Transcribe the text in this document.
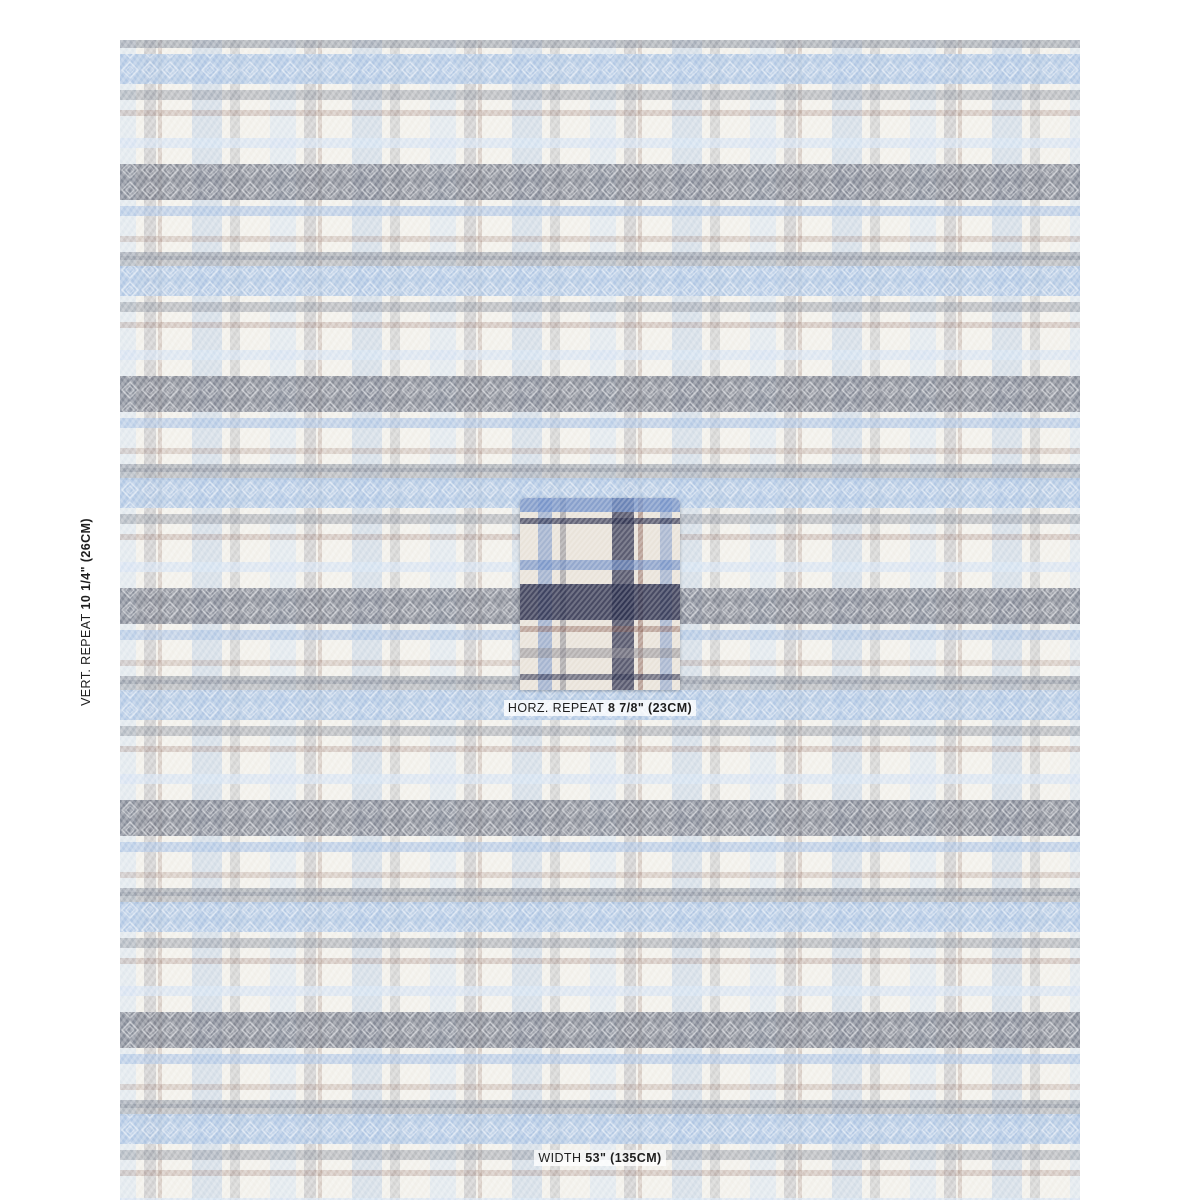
HORZ. REPEAT 8 7/8" (23CM)
VERT. REPEAT 10 1/4" (26CM)
WIDTH 53" (135CM)
